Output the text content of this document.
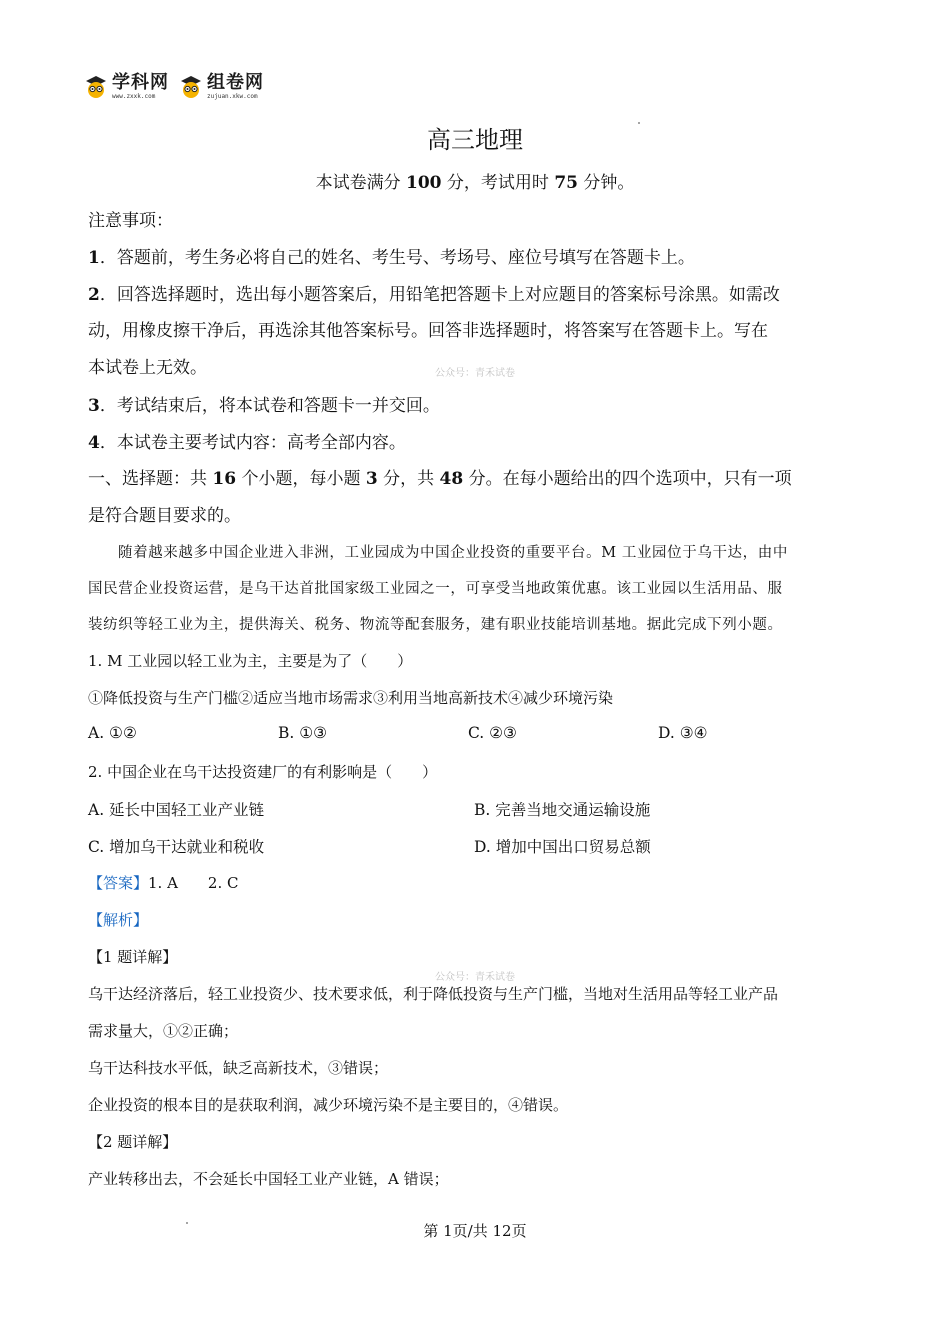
学科网
www.zxxk.com
组卷网
zujuan.xkw.com
高三地理
本试卷满分 100 分，考试用时 75 分钟。
注意事项：
1．答题前，考生务必将自己的姓名、考生号、考场号、座位号填写在答题卡上。
2．回答选择题时，选出每小题答案后，用铅笔把答题卡上对应题目的答案标号涂黑。如需改
动，用橡皮擦干净后，再选涂其他答案标号。回答非选择题时，将答案写在答题卡上。写在
本试卷上无效。	公众号：青禾试卷
3．考试结束后，将本试卷和答题卡一并交回。
4．本试卷主要考试内容：高考全部内容。
一、选择题：共 16 个小题，每小题 3 分，共 48 分。在每小题给出的四个选项中，只有一项
是符合题目要求的。
随着越来越多中国企业进入非洲，工业园成为中国企业投资的重要平台。M 工业园位于乌干达，由中
国民营企业投资运营，是乌干达首批国家级工业园之一，可享受当地政策优惠。该工业园以生活用品、服
装纺织等轻工业为主，提供海关、税务、物流等配套服务，建有职业技能培训基地。据此完成下列小题。
1. M 工业园以轻工业为主，主要是为了（　　）
①降低投资与生产门槛②适应当地市场需求③利用当地高新技术④减少环境污染
A. ①②	B. ①③	C. ②③	D. ③④
2. 中国企业在乌干达投资建厂的有利影响是（　　）
A. 延长中国轻工业产业链	B. 完善当地交通运输设施
C. 增加乌干达就业和税收	D. 增加中国出口贸易总额
【答案】1. A　　2. C
【解析】
【1 题详解】
公众号：青禾试卷
乌干达经济落后，轻工业投资少、技术要求低，利于降低投资与生产门槛，当地对生活用品等轻工业产品
需求量大，①②正确；
乌干达科技水平低，缺乏高新技术，③错误；
企业投资的根本目的是获取利润，减少环境污染不是主要目的，④错误。
【2 题详解】
产业转移出去，不会延长中国轻工业产业链，A 错误；
第 1页/共 12页
